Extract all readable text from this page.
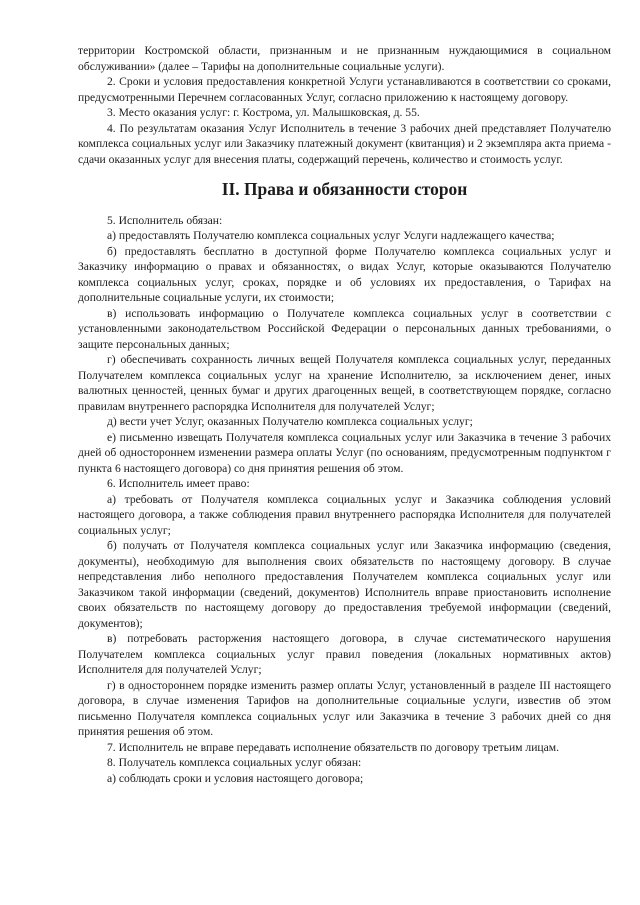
территории Костромской области, признанным и не признанным нуждающимися в социальном обслуживании» (далее – Тарифы на дополнительные социальные услуги).

2. Сроки и условия предоставления конкретной Услуги устанавливаются в соответствии со сроками, предусмотренными Перечнем согласованных Услуг, согласно приложению к настоящему договору.

3. Место оказания услуг: г. Кострома, ул. Малышковская, д. 55.

4. По результатам оказания Услуг Исполнитель в течение 3 рабочих дней представляет Получателю комплекса социальных услуг или Заказчику платежный документ (квитанция) и 2 экземпляра акта приема - сдачи оказанных услуг для внесения платы, содержащий перечень, количество и стоимость услуг.

II. Права и обязанности сторон

5. Исполнитель обязан:

а) предоставлять Получателю комплекса социальных услуг Услуги надлежащего качества;

б) предоставлять бесплатно в доступной форме Получателю комплекса социальных услуг и Заказчику информацию о правах и обязанностях, о видах Услуг, которые оказываются Получателю комплекса социальных услуг, сроках, порядке и об условиях их предоставления, о Тарифах на дополнительные социальные услуги, их стоимости;

в) использовать информацию о Получателе комплекса социальных услуг в соответствии с установленными законодательством Российской Федерации о персональных данных требованиями, о защите персональных данных;

г) обеспечивать сохранность личных вещей Получателя комплекса социальных услуг, переданных Получателем комплекса социальных услуг на хранение Исполнителю, за исключением денег, иных валютных ценностей, ценных бумаг и других драгоценных вещей, в соответствующем порядке, согласно правилам внутреннего распорядка Исполнителя для получателей Услуг;

д) вести учет Услуг, оказанных Получателю комплекса социальных услуг;

е) письменно извещать Получателя комплекса социальных услуг или Заказчика в течение 3 рабочих дней об одностороннем изменении размера оплаты Услуг (по основаниям, предусмотренным подпунктом г пункта 6 настоящего договора) со дня принятия решения об этом.

6. Исполнитель имеет право:

а) требовать от Получателя комплекса социальных услуг и Заказчика соблюдения условий настоящего договора, а также соблюдения правил внутреннего распорядка Исполнителя для получателей социальных услуг;

б) получать от Получателя комплекса социальных услуг или Заказчика информацию (сведения, документы), необходимую для выполнения своих обязательств по настоящему договору. В случае непредставления либо неполного предоставления Получателем комплекса социальных услуг или Заказчиком такой информации (сведений, документов) Исполнитель вправе приостановить исполнение своих обязательств по настоящему договору до предоставления требуемой информации (сведений, документов);

в) потребовать расторжения настоящего договора, в случае систематического нарушения Получателем комплекса социальных услуг правил поведения (локальных нормативных актов) Исполнителя для получателей Услуг;

г) в одностороннем порядке изменить размер оплаты Услуг, установленный в разделе III настоящего договора, в случае изменения Тарифов на дополнительные социальные услуги, известив об этом письменно Получателя комплекса социальных услуг или Заказчика в течение 3 рабочих дней со дня принятия решения об этом.

7. Исполнитель не вправе передавать исполнение обязательств по договору третьим лицам.

8. Получатель комплекса социальных услуг обязан:

а) соблюдать сроки и условия настоящего договора;
